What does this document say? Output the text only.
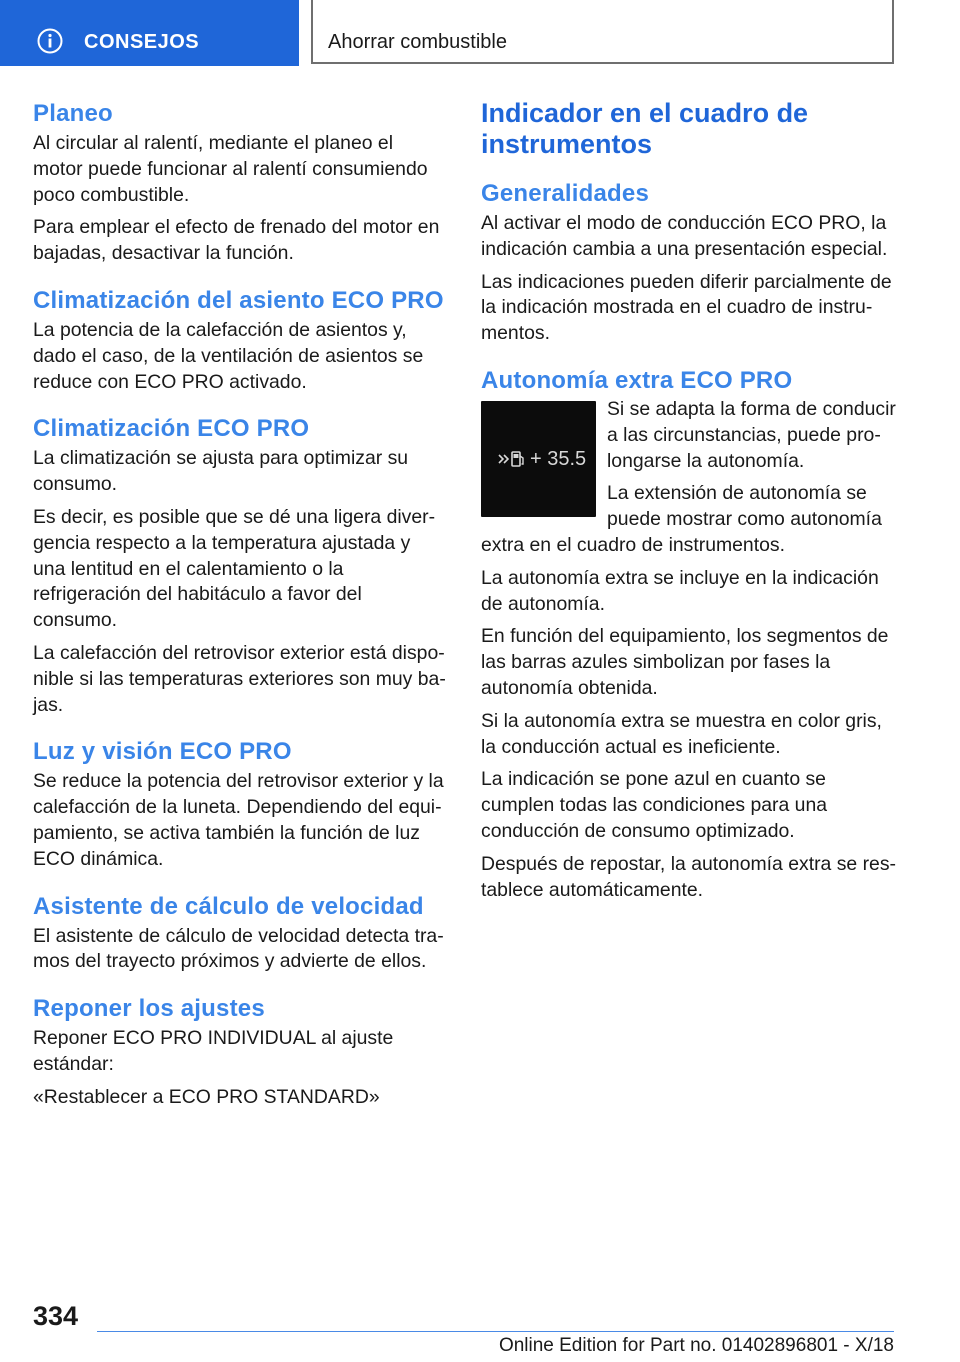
CONSEJOS	Ahorrar combustible
Planeo

Al circular al ralentí, mediante el planeo el motor puede funcionar al ralentí consumiendo poco combustible.

Para emplear el efecto de frenado del motor en bajadas, desactivar la función.

Climatización del asiento ECO PRO

La potencia de la calefacción de asientos y, dado el caso, de la ventilación de asientos se reduce con ECO PRO activado.

Climatización ECO PRO

La climatización se ajusta para optimizar su consumo.

Es decir, es posible que se dé una ligera divergencia respecto a la temperatura ajustada y una lentitud en el calentamiento o la refrigeración del habitáculo a favor del consumo.

La calefacción del retrovisor exterior está disponible si las temperaturas exteriores son muy bajas.

Luz y visión ECO PRO

Se reduce la potencia del retrovisor exterior y la calefacción de la luneta. Dependiendo del equipamiento, se activa también la función de luz ECO dinámica.

Asistente de cálculo de velocidad

El asistente de cálculo de velocidad detecta tramos del trayecto próximos y advierte de ellos.

Reponer los ajustes

Reponer ECO PRO INDIVIDUAL al ajuste estándar:

«Restablecer a ECO PRO STANDARD»

Indicador en el cuadro de instrumentos
Generalidades

Al activar el modo de conducción ECO PRO, la indicación cambia a una presentación especial.

Las indicaciones pueden diferir parcialmente de la indicación mostrada en el cuadro de instrumentos.

Autonomía extra ECO PRO
+ 35.5

Si se adapta la forma de conducir a las circunstancias, puede prolongarse la autonomía.

La extensión de autonomía se puede mostrar como autonomía extra en el cuadro de instrumentos.

La autonomía extra se incluye en la indicación de autonomía.

En función del equipamiento, los segmentos de las barras azules simbolizan por fases la autonomía obtenida.

Si la autonomía extra se muestra en color gris, la conducción actual es ineficiente.

La indicación se pone azul en cuanto se cumplen todas las condiciones para una conducción de consumo optimizado.

Después de repostar, la autonomía extra se restablece automáticamente.

334
Online Edition for Part no. 01402896801 - X/18
